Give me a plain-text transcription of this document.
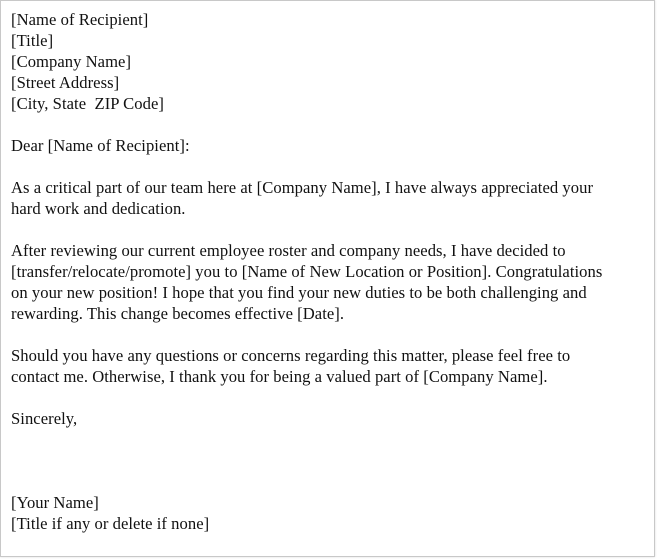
[Name of Recipient]
[Title]
[Company Name]
[Street Address]
[City, State  ZIP Code]
Dear [Name of Recipient]:
As a critical part of our team here at [Company Name], I have always appreciated your
hard work and dedication.
After reviewing our current employee roster and company needs, I have decided to
[transfer/relocate/promote] you to [Name of New Location or Position]. Congratulations
on your new position! I hope that you find your new duties to be both challenging and
rewarding. This change becomes effective [Date].
Should you have any questions or concerns regarding this matter, please feel free to
contact me. Otherwise, I thank you for being a valued part of [Company Name].
Sincerely,
[Your Name]
[Title if any or delete if none]
